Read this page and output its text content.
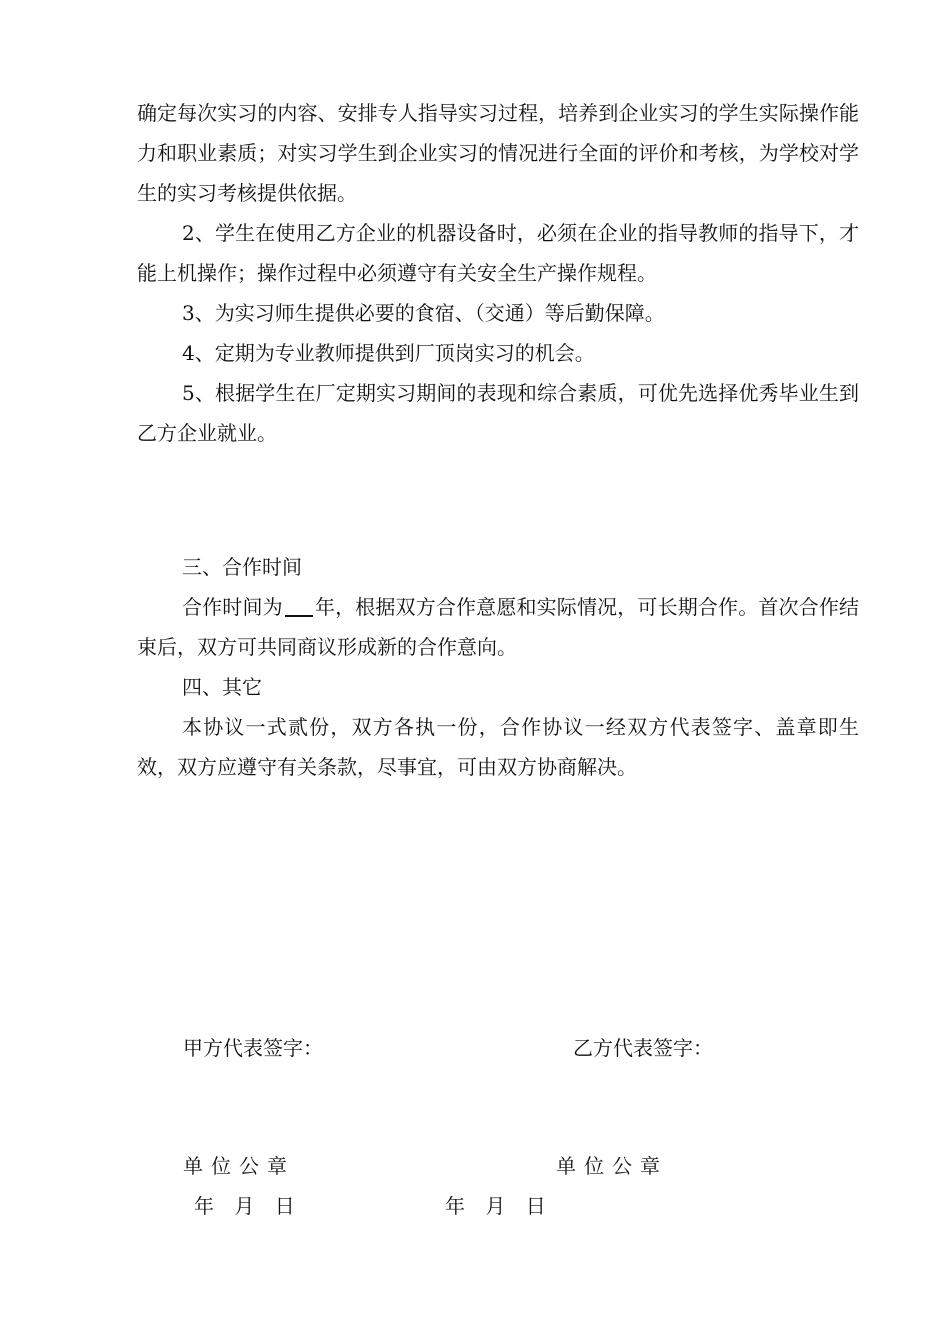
确定每次实习的内容、安排专人指导实习过程，培养到企业实习的学生实际操作能力和职业素质；对实习学生到企业实习的情况进行全面的评价和考核，为学校对学生的实习考核提供依据。

2、学生在使用乙方企业的机器设备时，必须在企业的指导教师的指导下，才能上机操作；操作过程中必须遵守有关安全生产操作规程。

3、为实习师生提供必要的食宿、（交通）等后勤保障。

4、定期为专业教师提供到厂顶岗实习的机会。

5、根据学生在厂定期实习期间的表现和综合素质，可优先选择优秀毕业生到乙方企业就业。

三、合作时间

合作时间为 年，根据双方合作意愿和实际情况，可长期合作。首次合作结束后，双方可共同商议形成新的合作意向。

四、其它

本协议一式贰份，双方各执一份，合作协议一经双方代表签字、盖章即生效，双方应遵守有关条款，尽事宜，可由双方协商解决。

甲方代表签字：	乙方代表签字：
单位公章	单位公章
年 月 日	年 月 日
